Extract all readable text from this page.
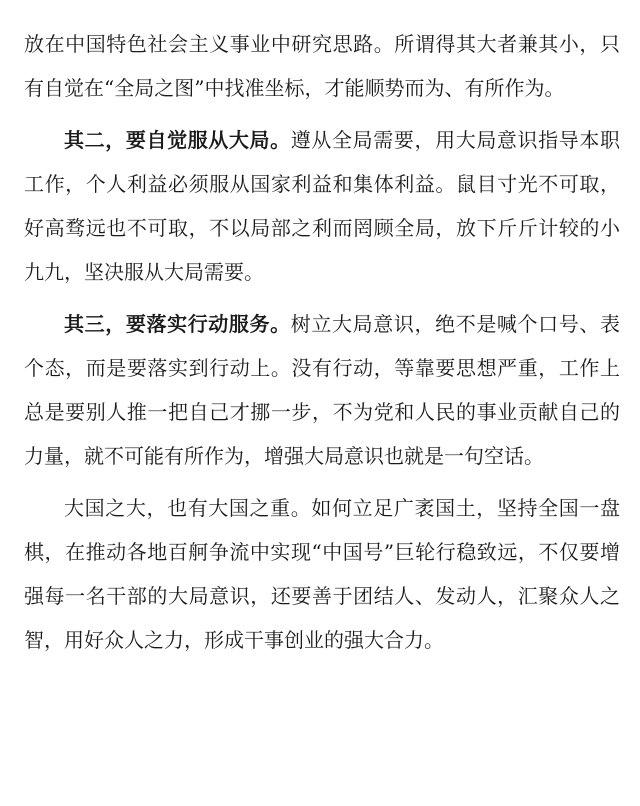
放在中国特色社会主义事业中研究思路。所谓得其大者兼其小，只有自觉在“全局之图”中找准坐标，才能顺势而为、有所作为。

其二，要自觉服从大局。遵从全局需要，用大局意识指导本职工作，个人利益必须服从国家利益和集体利益。鼠目寸光不可取，好高骛远也不可取，不以局部之利而罔顾全局，放下斤斤计较的小九九，坚决服从大局需要。

其三，要落实行动服务。树立大局意识，绝不是喊个口号、表个态，而是要落实到行动上。没有行动，等靠要思想严重，工作上总是要别人推一把自己才挪一步，不为党和人民的事业贡献自己的力量，就不可能有所作为，增强大局意识也就是一句空话。

大国之大，也有大国之重。如何立足广袤国土，坚持全国一盘棋，在推动各地百舸争流中实现“中国号”巨轮行稳致远，不仅要增强每一名干部的大局意识，还要善于团结人、发动人，汇聚众人之智，用好众人之力，形成干事创业的强大合力。
